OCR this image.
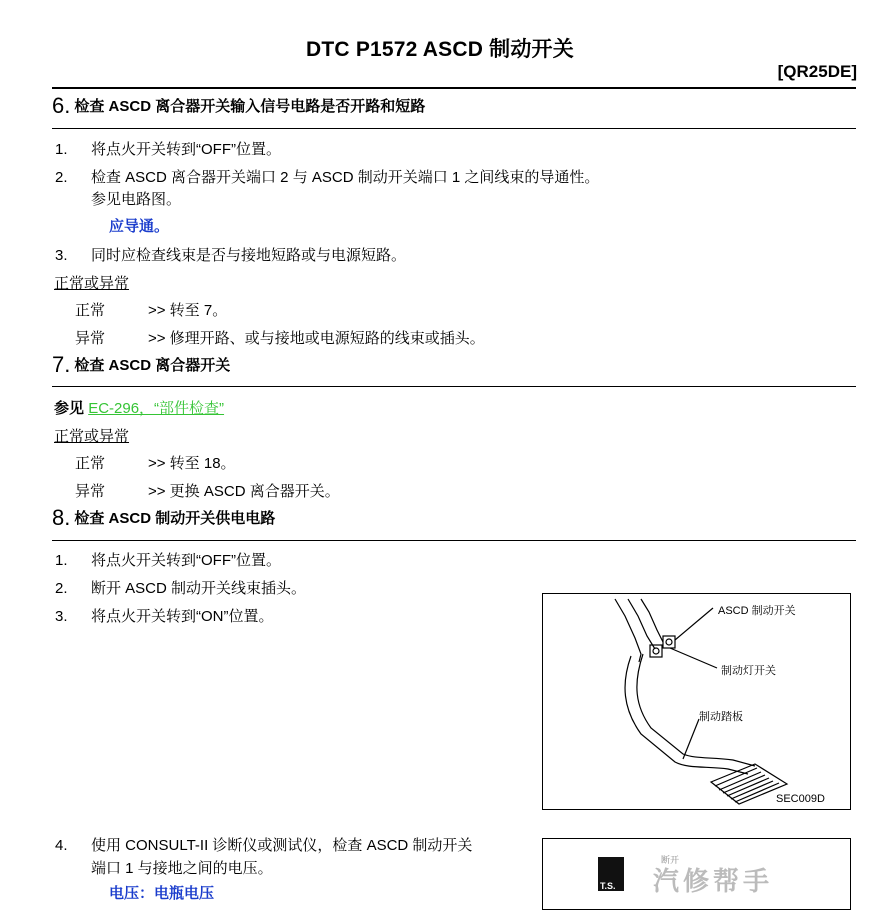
DTC P1572 ASCD 制动开关
[QR25DE]
6. 检查 ASCD 离合器开关输入信号电路是否开路和短路
1. 将点火开关转到“OFF”位置。
2. 检查 ASCD 离合器开关端口 2 与 ASCD 制动开关端口 1 之间线束的导通性。
参见电路图。
应导通。
3. 同时应检查线束是否与接地短路或与电源短路。
正常或异常
正常	>> 转至 7。
异常	>> 修理开路、或与接地或电源短路的线束或插头。
7. 检查 ASCD 离合器开关
参见 EC-296，“部件检查”
正常或异常
正常	>> 转至 18。
异常	>> 更换 ASCD 离合器开关。
8. 检查 ASCD 制动开关供电电路
1. 将点火开关转到“OFF”位置。
2. 断开 ASCD 制动开关线束插头。
3. 将点火开关转到“ON”位置。
4. 使用 CONSULT-II 诊断仪或测试仪，检查 ASCD 制动开关
端口 1 与接地之间的电压。
电压：电瓶电压
ASCD 制动开关
制动灯开关
制动踏板
SEC009D
T.S.
断开
汽修帮手
